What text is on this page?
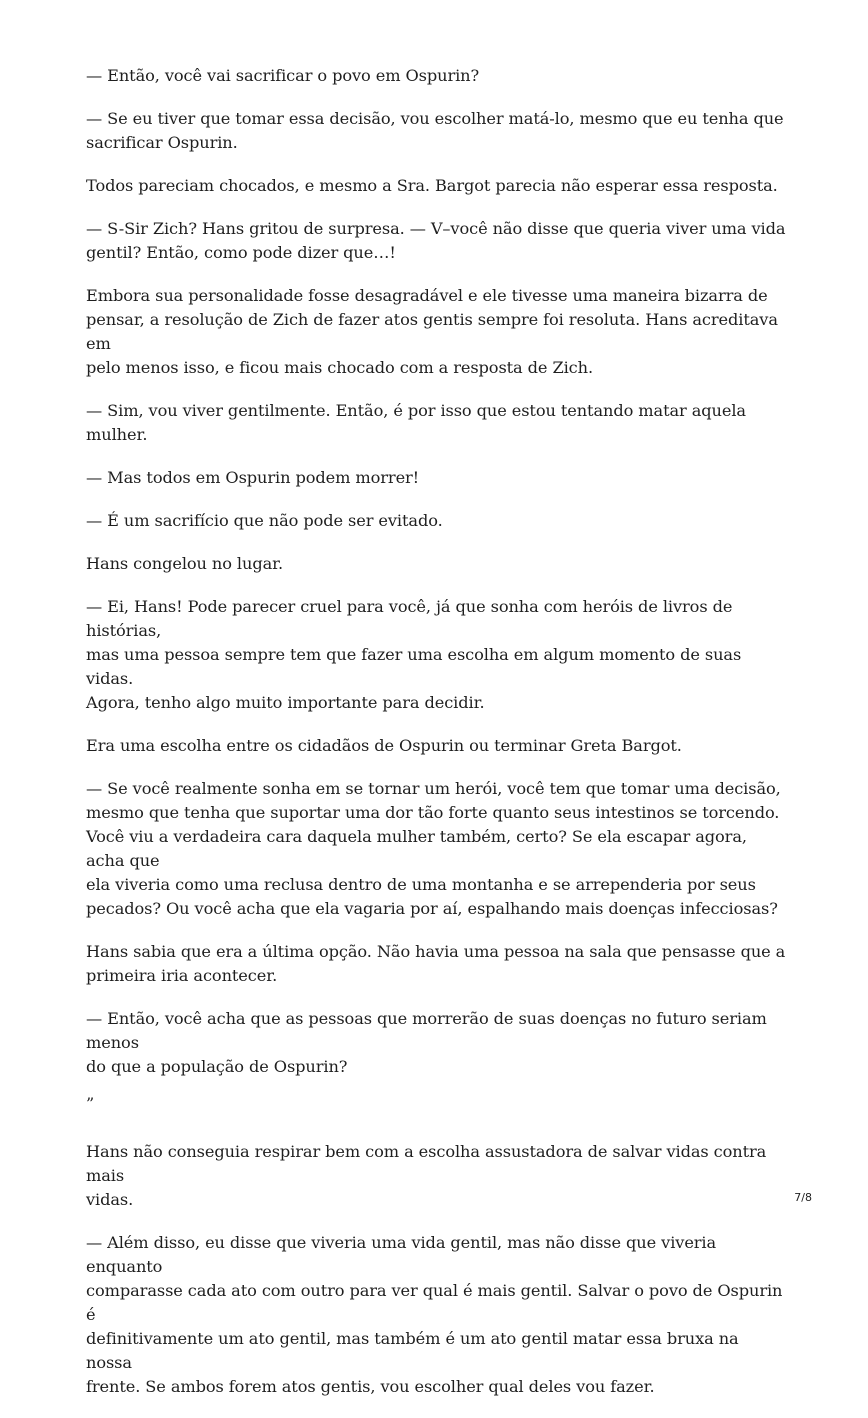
— Então, você vai sacrificar o povo em Ospurin?

— Se eu tiver que tomar essa decisão, vou escolher matá-lo, mesmo que eu tenha que
sacrificar Ospurin.

Todos pareciam chocados, e mesmo a Sra. Bargot parecia não esperar essa resposta.

— S-Sir Zich? Hans gritou de surpresa. — V–você não disse que queria viver uma vida
gentil? Então, como pode dizer que…!

Embora sua personalidade fosse desagradável e ele tivesse uma maneira bizarra de
pensar, a resolução de Zich de fazer atos gentis sempre foi resoluta. Hans acreditava em
pelo menos isso, e ficou mais chocado com a resposta de Zich.

— Sim, vou viver gentilmente. Então, é por isso que estou tentando matar aquela mulher.

— Mas todos em Ospurin podem morrer!

— É um sacrifício que não pode ser evitado.

Hans congelou no lugar.

— Ei, Hans! Pode parecer cruel para você, já que sonha com heróis de livros de histórias,
mas uma pessoa sempre tem que fazer uma escolha em algum momento de suas vidas.
Agora, tenho algo muito importante para decidir.

Era uma escolha entre os cidadãos de Ospurin ou terminar Greta Bargot.

— Se você realmente sonha em se tornar um herói, você tem que tomar uma decisão,
mesmo que tenha que suportar uma dor tão forte quanto seus intestinos se torcendo.
Você viu a verdadeira cara daquela mulher também, certo? Se ela escapar agora, acha que
ela viveria como uma reclusa dentro de uma montanha e se arrependeria por seus
pecados? Ou você acha que ela vagaria por aí, espalhando mais doenças infecciosas?

Hans sabia que era a última opção. Não havia uma pessoa na sala que pensasse que a
primeira iria acontecer.

— Então, você acha que as pessoas que morrerão de suas doenças no futuro seriam menos
do que a população de Ospurin?

”

Hans não conseguia respirar bem com a escolha assustadora de salvar vidas contra mais
vidas.

— Além disso, eu disse que viveria uma vida gentil, mas não disse que viveria enquanto
comparasse cada ato com outro para ver qual é mais gentil. Salvar o povo de Ospurin é
definitivamente um ato gentil, mas também é um ato gentil matar essa bruxa na nossa
frente. Se ambos forem atos gentis, vou escolher qual deles vou fazer.

7/8
